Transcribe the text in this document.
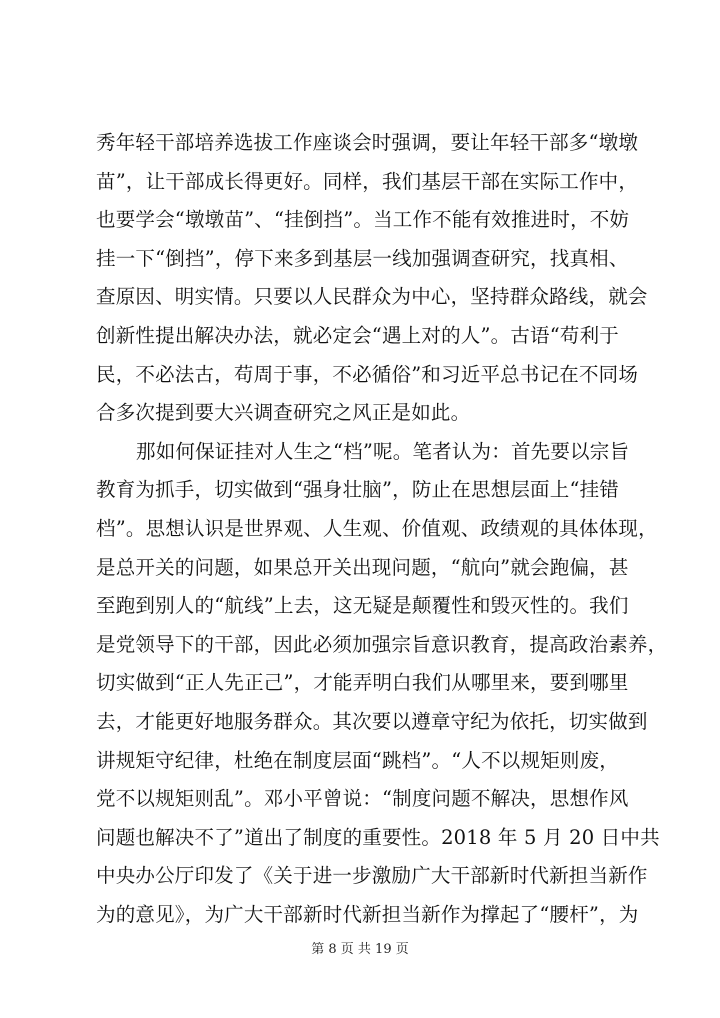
秀年轻干部培养选拔工作座谈会时强调，要让年轻干部多“墩墩
苗”，让干部成长得更好。同样，我们基层干部在实际工作中，
也要学会“墩墩苗”、“挂倒挡”。当工作不能有效推进时，不妨
挂一下“倒挡”，停下来多到基层一线加强调查研究，找真相、
查原因、明实情。只要以人民群众为中心，坚持群众路线，就会
创新性提出解决办法，就必定会“遇上对的人”。古语“苟利于
民，不必法古，苟周于事，不必循俗”和习近平总书记在不同场
合多次提到要大兴调查研究之风正是如此。
那如何保证挂对人生之“档”呢。笔者认为：首先要以宗旨
教育为抓手，切实做到“强身壮脑”，防止在思想层面上“挂错
档”。思想认识是世界观、人生观、价值观、政绩观的具体体现，
是总开关的问题，如果总开关出现问题，“航向”就会跑偏，甚
至跑到别人的“航线”上去，这无疑是颠覆性和毁灭性的。我们
是党领导下的干部，因此必须加强宗旨意识教育，提高政治素养，
切实做到“正人先正己”，才能弄明白我们从哪里来，要到哪里
去，才能更好地服务群众。其次要以遵章守纪为依托，切实做到
讲规矩守纪律，杜绝在制度层面“跳档”。“人不以规矩则废，
党不以规矩则乱”。邓小平曾说：“制度问题不解决，思想作风
问题也解决不了”道出了制度的重要性。2018 年 5 月 20 日中共
中央办公厅印发了《关于进一步激励广大干部新时代新担当新作
为的意见》，为广大干部新时代新担当新作为撑起了“腰杆”，为
第 8 页 共 19 页
